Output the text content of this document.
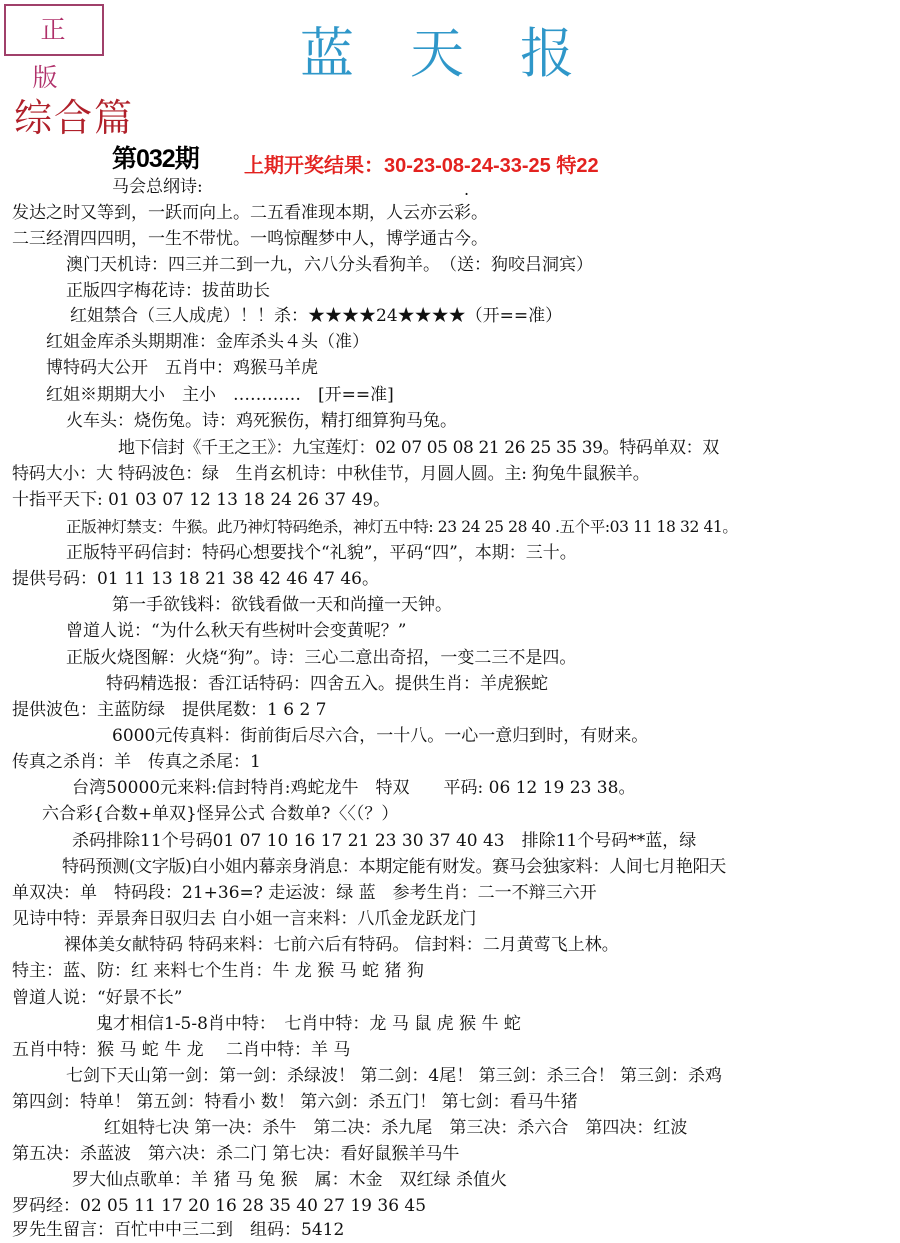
正版	蓝天报
综合篇
第032期 上期开奖结果：30-23-08-24-33-25 特22
.
马会总纲诗:
发达之时又等到，一跃而向上。二五看准现本期，人云亦云彩。
二三经渭四四明，一生不带忧。一鸣惊醒梦中人，博学通古今。
澳门天机诗：四三并二到一九，六八分头看狗羊。　（送：狗咬吕洞宾）
正版四字梅花诗：拔苗助长
红姐禁合（三人成虎）！！杀：★★★★24★★★★（开==准）
红姐金库杀头期期准：金库杀头４头（准）
博特码大公开　五肖中：鸡猴马羊虎
红姐※期期大小　主小　…………　[开==准]
火车头：烧伤兔。诗：鸡死猴伤，精打细算狗马兔。
地下信封《千王之王》：九宝莲灯：02 07 05 08 21 26 25 35 39。特码单双：双
特码大小：大 特码波色：绿　生肖玄机诗：中秋佳节，月圆人圆。主: 狗兔牛鼠猴羊。
十指平天下: 01 03 07 12 13 18 24 26 37 49。
正版神灯禁支：牛猴。此乃神灯特码绝杀，神灯五中特: 23 24 25 28 40 .五个平:03 11 18 32 41。
正版特平码信封：特码心想要找个“礼貌”，平码“四”，本期：三十。
提供号码：01 11 13 18 21 38 42 46 47 46。
第一手欲钱料：欲钱看做一天和尚撞一天钟。
曾道人说：“为什么秋天有些树叶会变黄呢？”
正版火烧图解：火烧“狗”。诗：三心二意出奇招，一变二三不是四。
特码精选报：香江话特码：四舍五入。提供生肖：羊虎猴蛇
提供波色：主蓝防绿　提供尾数：1 6 2 7
6000元传真料：街前街后尽六合，一十八。一心一意归到时，有财来。
传真之杀肖：羊　传真之杀尾：1
台湾50000元来料:信封特肖:鸡蛇龙牛　特双　　平码: 06 12 19 23 38。
六合彩{合数+单双}怪异公式 合数单?〈〈（？）
杀码排除11个号码01 07 10 16 17 21 23 30 37 40 43　排除11个号码**蓝，绿
特码预测(文字版)白小姐内幕亲身消息：本期定能有财发。赛马会独家料：人间七月艳阳天
单双决：单　特码段：21+36=? 走运波：绿 蓝　参考生肖：二一不辩三六开
见诗中特：弄景奔日驭归去 白小姐一言来料：八爪金龙跃龙门
裸体美女献特码 特码来料：七前六后有特码。 信封料：二月黄莺飞上林。
特主：蓝、防：红 来料七个生肖：牛 龙 猴 马 蛇 猪 狗
曾道人说：“好景不长”
鬼才相信1-5-8肖中特：　七肖中特：龙 马 鼠 虎 猴 牛 蛇
五肖中特：猴 马 蛇 牛 龙　 二肖中特：羊 马
七剑下天山第一剑：第一剑：杀绿波！ 第二剑：4尾！ 第三剑：杀三合！ 第三剑：杀鸡
第四剑：特单！ 第五剑：特看小 数！ 第六剑：杀五门！ 第七剑：看马牛猪
红姐特七决 第一决：杀牛　第二决：杀九尾　第三决：杀六合　第四决：红波
第五决：杀蓝波　第六决：杀二门 第七决：看好鼠猴羊马牛
罗大仙点歌单：羊 猪 马 兔 猴　属：木金　双红绿 杀值火
罗码经：02 05 11 17 20 16 28 35 40 27 19 36 45
罗先生留言：百忙中中三二到　组码：5412
